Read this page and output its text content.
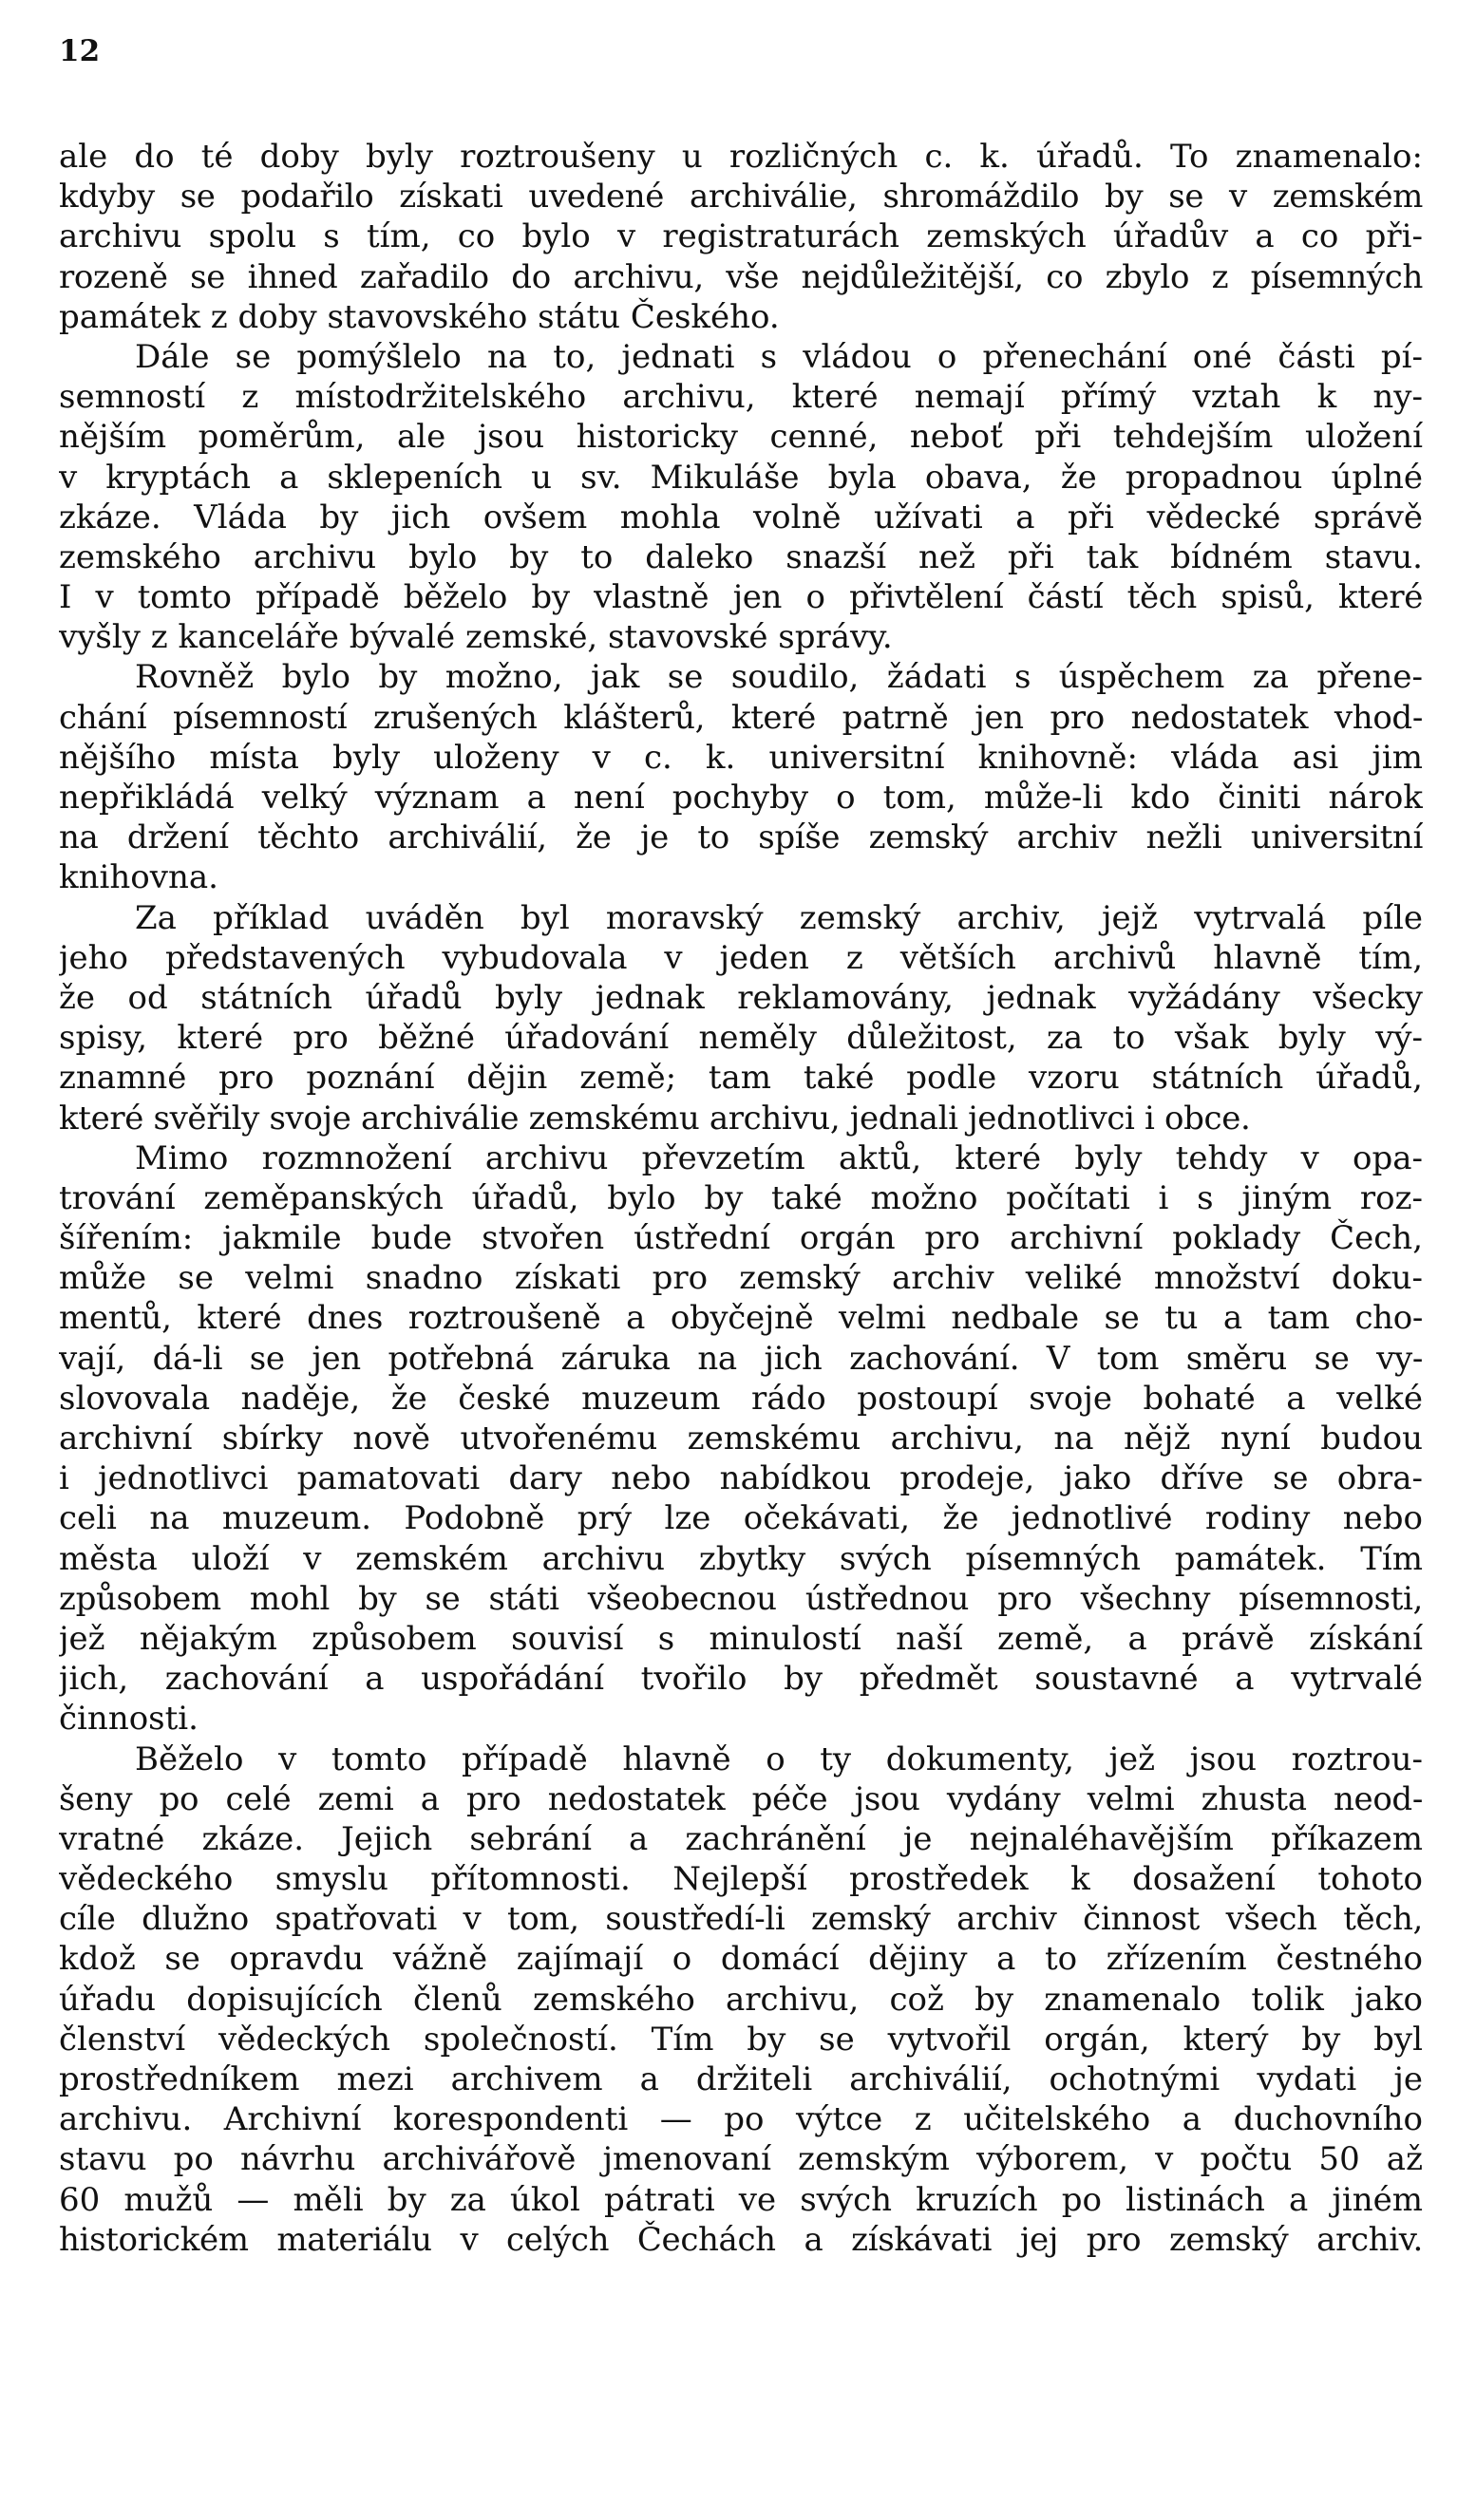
12
ale do té doby byly roztroušeny u rozličných c. k. úřadů. To znamenalo:
kdyby se podařilo získati uvedené archiválie, shromáždilo by se v zemském
archivu spolu s tím, co bylo v registraturách zemských úřadův a co při-
rozeně se ihned zařadilo do archivu, vše nejdůležitější, co zbylo z písemných
památek z doby stavovského státu Českého.
Dále se pomýšlelo na to, jednati s vládou o přenechání oné části pí-
semností z místodržitelského archivu, které nemají přímý vztah k ny-
nějším poměrům, ale jsou historicky cenné, neboť při tehdejším uložení
v kryptách a sklepeních u sv. Mikuláše byla obava, že propadnou úplné
zkáze. Vláda by jich ovšem mohla volně užívati a při vědecké správě
zemského archivu bylo by to daleko snazší než při tak bídném stavu.
I v tomto případě běželo by vlastně jen o přivtělení částí těch spisů, které
vyšly z kanceláře bývalé zemské, stavovské správy.
Rovněž bylo by možno, jak se soudilo, žádati s úspěchem za přene-
chání písemností zrušených klášterů, které patrně jen pro nedostatek vhod-
nějšího místa byly uloženy v c. k. universitní knihovně: vláda asi jim
nepřikládá velký význam a není pochyby o tom, může-li kdo činiti nárok
na držení těchto archiválií, že je to spíše zemský archiv nežli universitní
knihovna.
Za příklad uváděn byl moravský zemský archiv, jejž vytrvalá píle
jeho představených vybudovala v jeden z větších archivů hlavně tím,
že od státních úřadů byly jednak reklamovány, jednak vyžádány všecky
spisy, které pro běžné úřadování neměly důležitost, za to však byly vý-
znamné pro poznání dějin země; tam také podle vzoru státních úřadů,
které svěřily svoje archiválie zemskému archivu, jednali jednotlivci i obce.
Mimo rozmnožení archivu převzetím aktů, které byly tehdy v opa-
trování zeměpanských úřadů, bylo by také možno počítati i s jiným roz-
šířením: jakmile bude stvořen ústřední orgán pro archivní poklady Čech,
může se velmi snadno získati pro zemský archiv veliké množství doku-
mentů, které dnes roztroušeně a obyčejně velmi nedbale se tu a tam cho-
vají, dá-li se jen potřebná záruka na jich zachování. V tom směru se vy-
slovovala naděje, že české muzeum rádo postoupí svoje bohaté a velké
archivní sbírky nově utvořenému zemskému archivu, na nějž nyní budou
i jednotlivci pamatovati dary nebo nabídkou prodeje, jako dříve se obra-
celi na muzeum. Podobně prý lze očekávati, že jednotlivé rodiny nebo
města uloží v zemském archivu zbytky svých písemných památek. Tím
způsobem mohl by se státi všeobecnou ústřednou pro všechny písemnosti,
jež nějakým způsobem souvisí s minulostí naší země, a právě získání
jich, zachování a uspořádání tvořilo by předmět soustavné a vytrvalé
činnosti.
Běželo v tomto případě hlavně o ty dokumenty, jež jsou roztrou-
šeny po celé zemi a pro nedostatek péče jsou vydány velmi zhusta neod-
vratné zkáze. Jejich sebrání a zachránění je nejnaléhavějším příkazem
vědeckého smyslu přítomnosti. Nejlepší prostředek k dosažení tohoto
cíle dlužno spatřovati v tom, soustředí-li zemský archiv činnost všech těch,
kdož se opravdu vážně zajímají o domácí dějiny a to zřízením čestného
úřadu dopisujících členů zemského archivu, což by znamenalo tolik jako
členství vědeckých společností. Tím by se vytvořil orgán, který by byl
prostředníkem mezi archivem a držiteli archiválií, ochotnými vydati je
archivu. Archivní korespondenti — po výtce z učitelského a duchovního
stavu po návrhu archivářově jmenovaní zemským výborem, v počtu 50 až
60 mužů — měli by za úkol pátrati ve svých kruzích po listinách a jiném
historickém materiálu v celých Čechách a získávati jej pro zemský archiv.
